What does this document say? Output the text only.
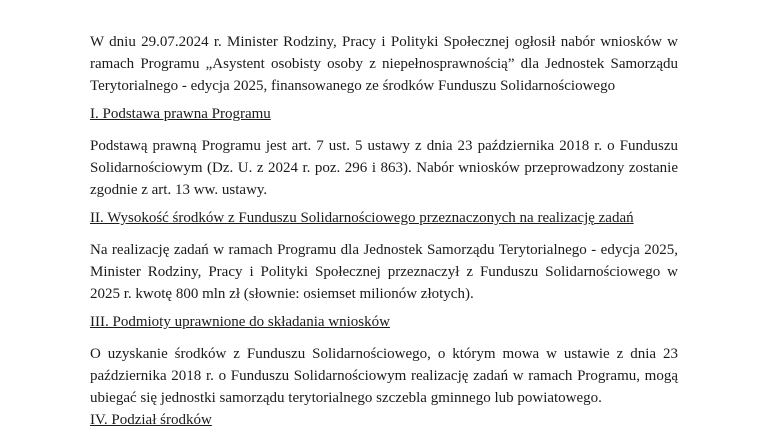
W dniu 29.07.2024 r. Minister Rodziny, Pracy i Polityki Społecznej ogłosił nabór wniosków w ramach Programu „Asystent osobisty osoby z niepełnosprawnością” dla Jednostek Samorządu Terytorialnego - edycja 2025, finansowanego ze środków Funduszu Solidarnościowego

I. Podstawa prawna Programu

Podstawą prawną Programu jest art. 7 ust. 5 ustawy z dnia 23 października 2018 r. o Funduszu Solidarnościowym (Dz. U. z 2024 r. poz. 296 i 863). Nabór wniosków przeprowadzony zostanie zgodnie z art. 13 ww. ustawy.

II. Wysokość środków z Funduszu Solidarnościowego przeznaczonych na realizację zadań

Na realizację zadań w ramach Programu dla Jednostek Samorządu Terytorialnego - edycja 2025, Minister Rodziny, Pracy i Polityki Społecznej przeznaczył z Funduszu Solidarnościowego w 2025 r. kwotę 800 mln zł (słownie: osiemset milionów złotych).

III. Podmioty uprawnione do składania wniosków

O uzyskanie środków z Funduszu Solidarnościowego, o którym mowa w ustawie z dnia 23 października 2018 r. o Funduszu Solidarnościowym realizację zadań w ramach Programu, mogą ubiegać się jednostki samorządu terytorialnego szczebla gminnego lub powiatowego.

IV. Podział środków
